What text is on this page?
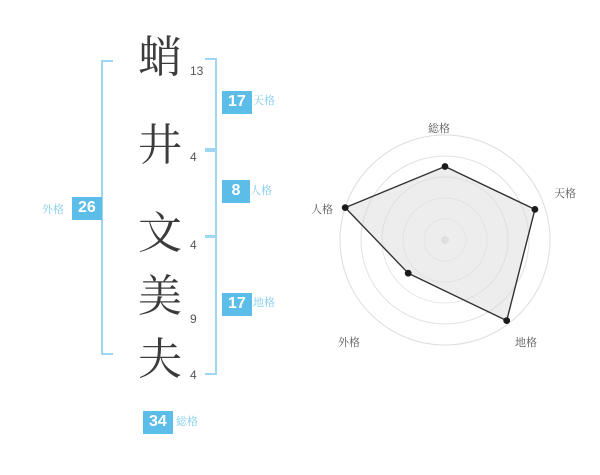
蛸
井
文
美
夫
13
4
4
9
4
外格 26
17 天格
8 人格
17 地格
34 総格
総格
天格
地格
外格
人格
